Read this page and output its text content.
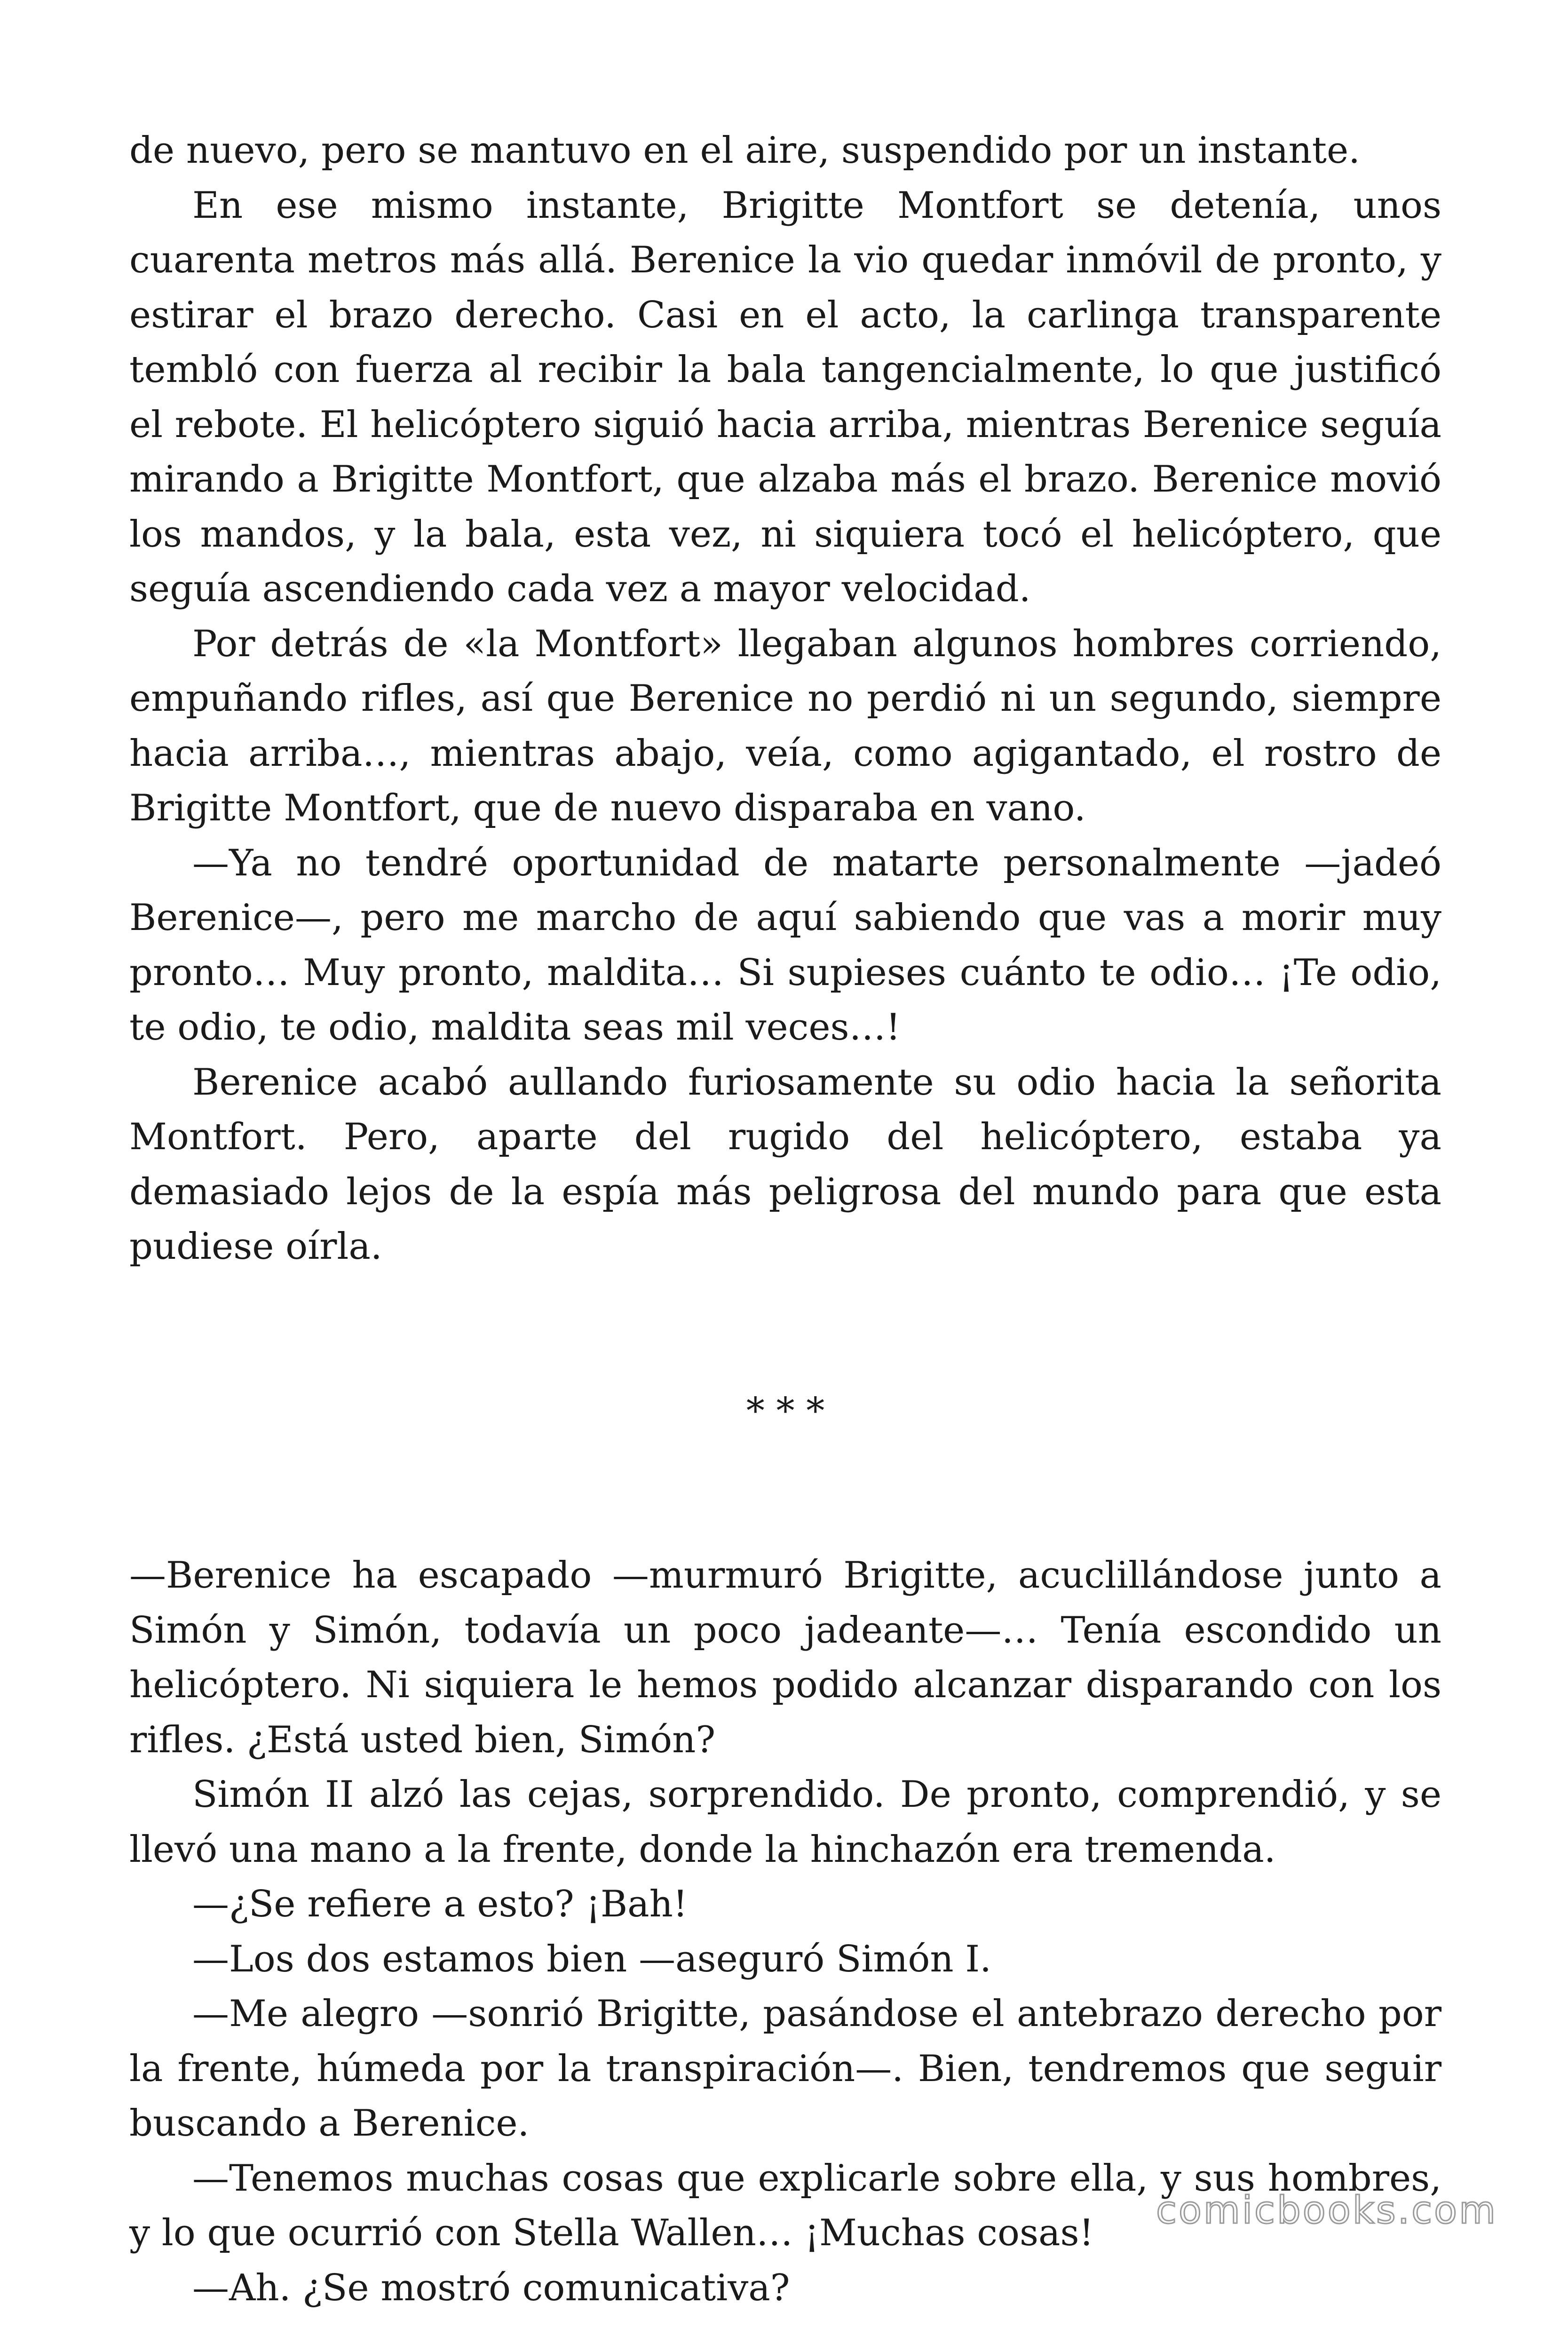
de nuevo, pero se mantuvo en el aire, suspendido por un instante.

En ese mismo instante, Brigitte Montfort se detenía, unos cuarenta metros más allá. Berenice la vio quedar inmóvil de pronto, y estirar el brazo derecho. Casi en el acto, la carlinga transparente tembló con fuerza al recibir la bala tangencialmente, lo que justificó el rebote. El helicóptero siguió hacia arriba, mientras Berenice seguía mirando a Brigitte Montfort, que alzaba más el brazo. Berenice movió los mandos, y la bala, esta vez, ni siquiera tocó el helicóptero, que seguía ascendiendo cada vez a mayor velocidad.

Por detrás de «la Montfort» llegaban algunos hombres corriendo, empuñando rifles, así que Berenice no perdió ni un segundo, siempre hacia arriba…, mientras abajo, veía, como agigantado, el rostro de Brigitte Montfort, que de nuevo disparaba en vano.

—Ya no tendré oportunidad de matarte personalmente —jadeó Berenice—, pero me marcho de aquí sabiendo que vas a morir muy pronto… Muy pronto, maldita… Si supieses cuánto te odio… ¡Te odio, te odio, te odio, maldita seas mil veces…!

Berenice acabó aullando furiosamente su odio hacia la señorita Montfort. Pero, aparte del rugido del helicóptero, estaba ya demasiado lejos de la espía más peligrosa del mundo para que esta pudiese oírla.

* * *

—Berenice ha escapado —murmuró Brigitte, acuclillándose junto a Simón y Simón, todavía un poco jadeante—… Tenía escondido un helicóptero. Ni siquiera le hemos podido alcanzar disparando con los rifles. ¿Está usted bien, Simón?

Simón II alzó las cejas, sorprendido. De pronto, comprendió, y se llevó una mano a la frente, donde la hinchazón era tremenda.

—¿Se refiere a esto? ¡Bah!

—Los dos estamos bien —aseguró Simón I.

—Me alegro —sonrió Brigitte, pasándose el antebrazo derecho por la frente, húmeda por la transpiración—. Bien, tendremos que seguir buscando a Berenice.

—Tenemos muchas cosas que explicarle sobre ella, y sus hombres, y lo que ocurrió con Stella Wallen… ¡Muchas cosas!

—Ah. ¿Se mostró comunicativa?

comicbooks.com
